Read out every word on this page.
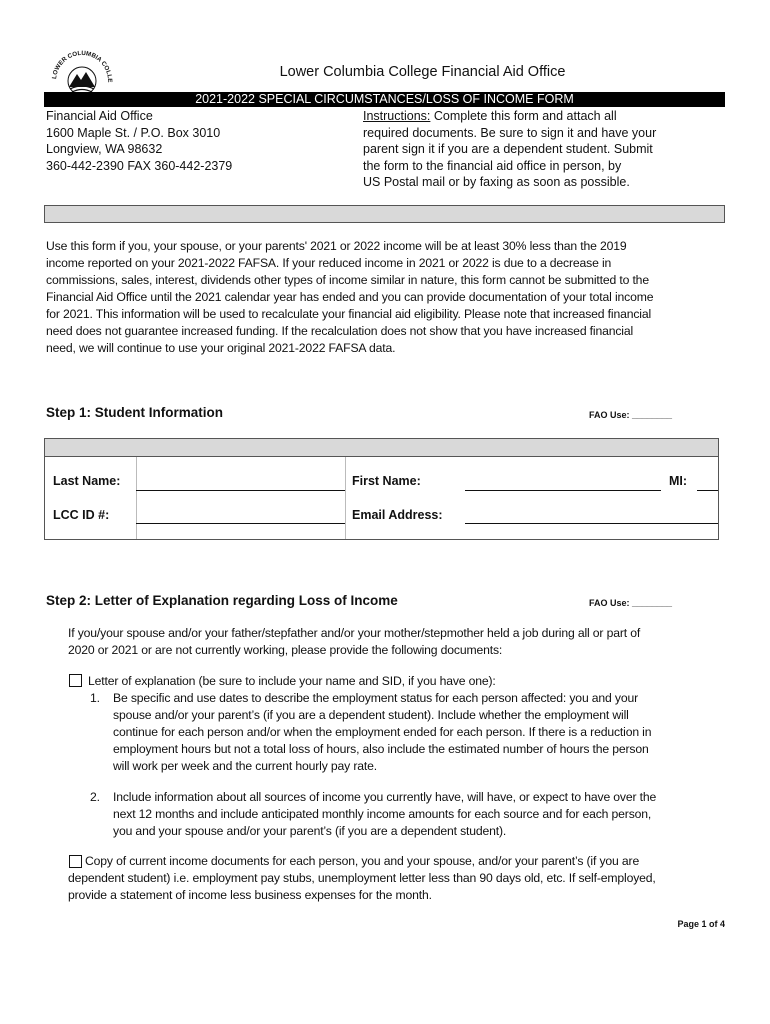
LOWER COLUMBIA COLLE
Lower Columbia College Financial Aid Office
2021-2022 SPECIAL CIRCUMSTANCES/LOSS OF INCOME FORM
Financial Aid Office
1600 Maple St. / P.O. Box 3010
Longview, WA 98632
360-442-2390 FAX 360-442-2379
Instructions: Complete this form and attach all
required documents. Be sure to sign it and have your
parent sign it if you are a dependent student. Submit
the form to the financial aid office in person, by
US Postal mail or by faxing as soon as possible.
Use this form if you, your spouse, or your parents' 2021 or 2022 income will be at least 30% less than the 2019
income reported on your 2021-2022 FAFSA. If your reduced income in 2021 or 2022 is due to a decrease in
commissions, sales, interest, dividends other types of income similar in nature, this form cannot be submitted to the
Financial Aid Office until the 2021 calendar year has ended and you can provide documentation of your total income
for 2021. This information will be used to recalculate your financial aid eligibility. Please note that increased financial
need does not guarantee increased funding. If the recalculation does not show that you have increased financial
need, we will continue to use your original 2021-2022 FAFSA data.
Step 1: Student Information	FAO Use: ________
Last Name:	First Name:	MI:
LCC ID #:	Email Address:
Step 2: Letter of Explanation regarding Loss of Income	FAO Use: ________
If you/your spouse and/or your father/stepfather and/or your mother/stepmother held a job during all or part of
2020 or 2021 or are not currently working, please provide the following documents:
Letter of explanation (be sure to include your name and SID, if you have one):
1. Be specific and use dates to describe the employment status for each person affected: you and your
spouse and/or your parent’s (if you are a dependent student). Include whether the employment will
continue for each person and/or when the employment ended for each person. If there is a reduction in
employment hours but not a total loss of hours, also include the estimated number of hours the person
will work per week and the current hourly pay rate.
2. Include information about all sources of income you currently have, will have, or expect to have over the
next 12 months and include anticipated monthly income amounts for each source and for each person,
you and your spouse and/or your parent’s (if you are a dependent student).
Copy of current income documents for each person, you and your spouse, and/or your parent’s (if you are
dependent student) i.e. employment pay stubs, unemployment letter less than 90 days old, etc. If self-employed,
provide a statement of income less business expenses for the month.
Page 1 of 4
